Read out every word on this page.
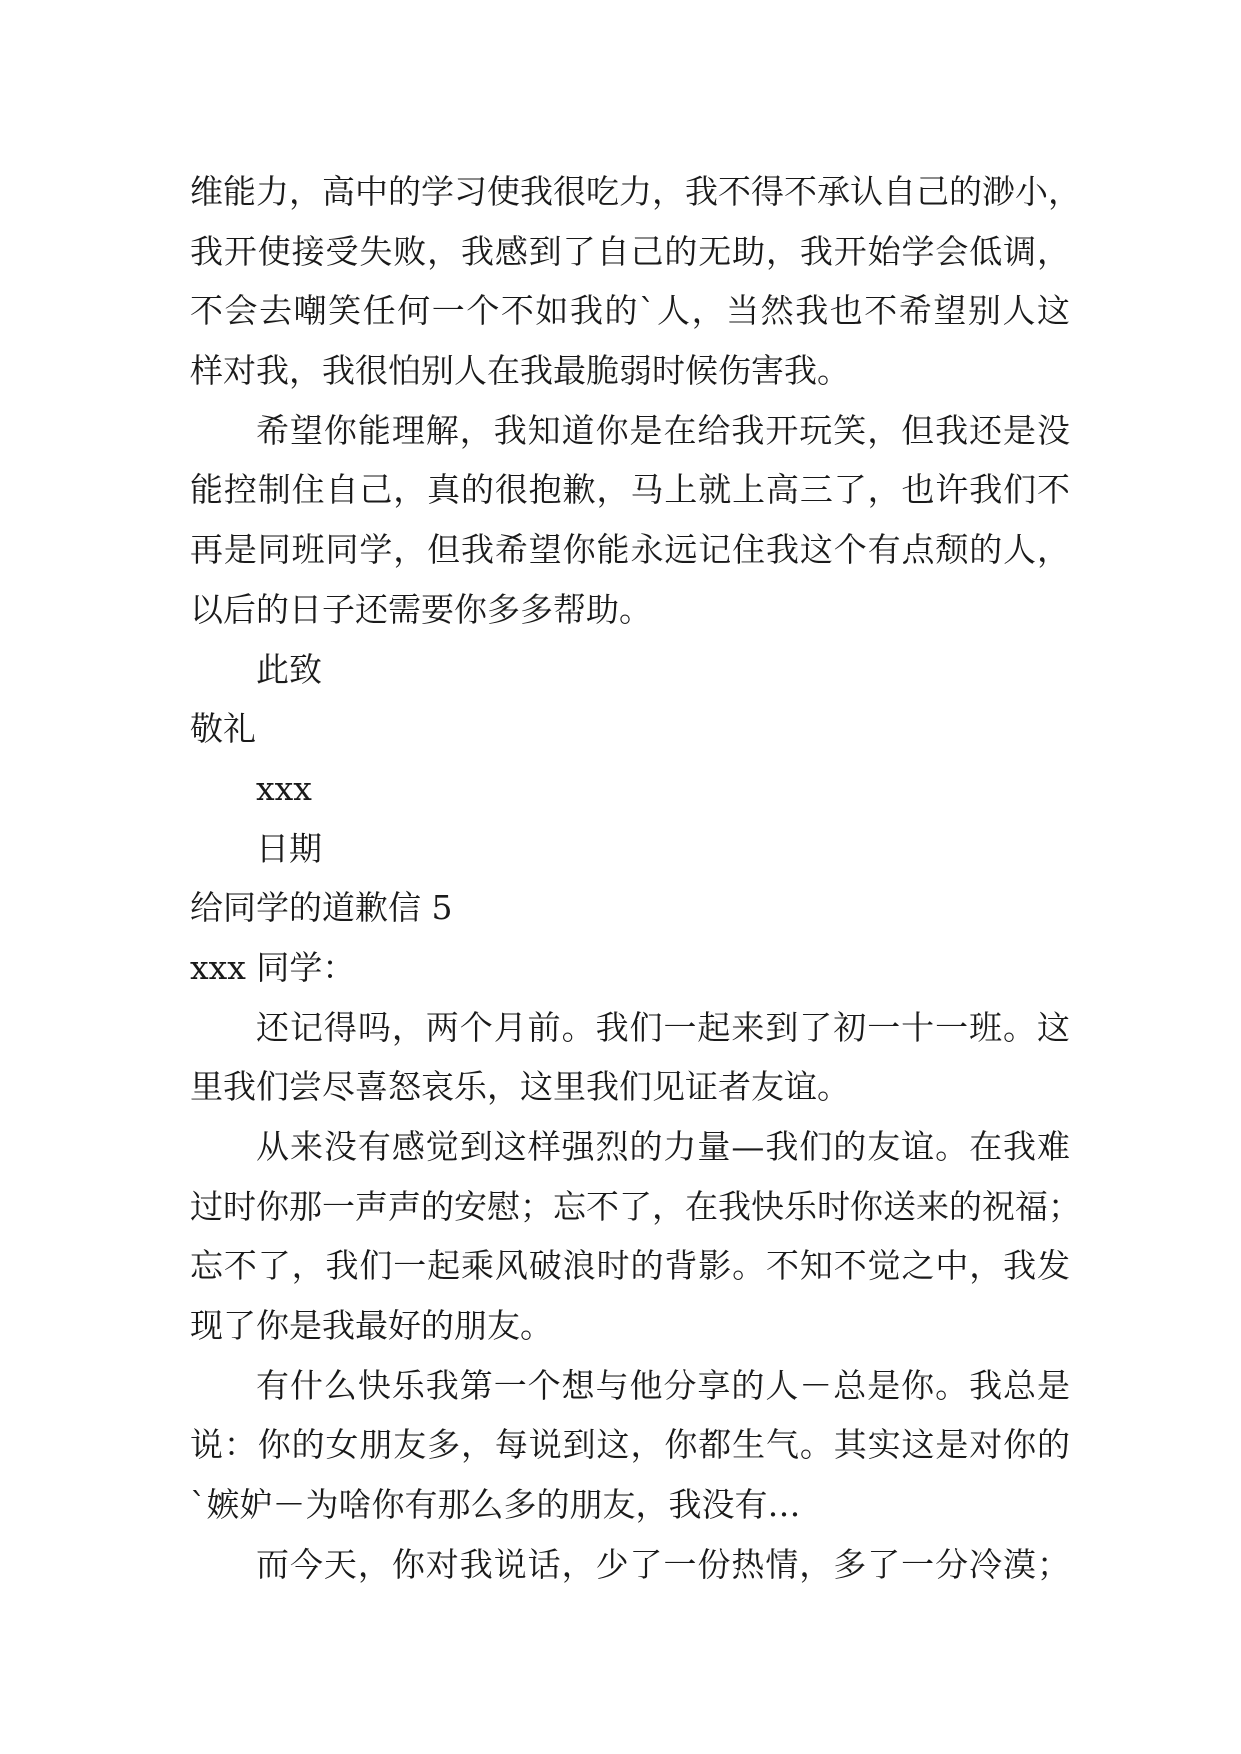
维能力，高中的学习使我很吃力，我不得不承认自己的渺小，
我开使接受失败，我感到了自己的无助，我开始学会低调，
不会去嘲笑任何一个不如我的`人，当然我也不希望别人这
样对我，我很怕别人在我最脆弱时候伤害我。
希望你能理解，我知道你是在给我开玩笑，但我还是没
能控制住自己，真的很抱歉，马上就上高三了，也许我们不
再是同班同学，但我希望你能永远记住我这个有点颓的人，
以后的日子还需要你多多帮助。
此致
敬礼
xxx
日期
给同学的道歉信 5
xxx 同学：
还记得吗，两个月前。我们一起来到了初一十一班。这
里我们尝尽喜怒哀乐，这里我们见证者友谊。
从来没有感觉到这样强烈的力量—我们的友谊。在我难
过时你那一声声的安慰；忘不了，在我快乐时你送来的祝福；
忘不了，我们一起乘风破浪时的背影。不知不觉之中，我发
现了你是我最好的朋友。
有什么快乐我第一个想与他分享的人－总是你。我总是
说：你的女朋友多，每说到这，你都生气。其实这是对你的
`嫉妒－为啥你有那么多的朋友，我没有…
而今天，你对我说话，少了一份热情，多了一分冷漠；
